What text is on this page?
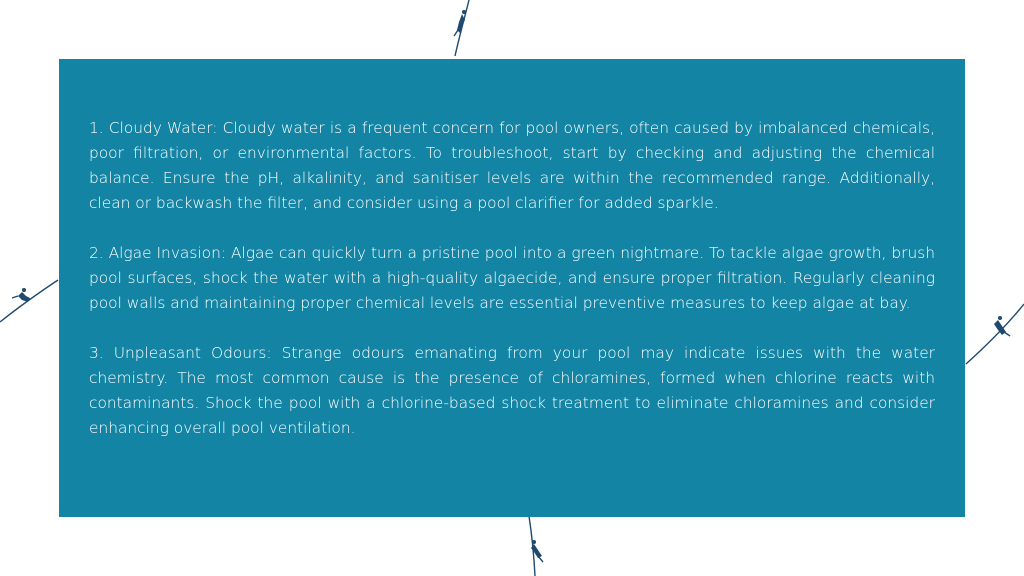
1. Cloudy Water: Cloudy water is a frequent concern for pool owners, often caused by imbalanced chemicals, poor filtration, or environmental factors. To troubleshoot, start by checking and adjusting the chemical balance. Ensure the pH, alkalinity, and sanitiser levels are within the recommended range. Additionally, clean or backwash the filter, and consider using a pool clarifier for added sparkle.

2. Algae Invasion: Algae can quickly turn a pristine pool into a green nightmare. To tackle algae growth, brush pool surfaces, shock the water with a high-quality algaecide, and ensure proper filtration. Regularly cleaning pool walls and maintaining proper chemical levels are essential preventive measures to keep algae at bay.

3. Unpleasant Odours: Strange odours emanating from your pool may indicate issues with the water chemistry. The most common cause is the presence of chloramines, formed when chlorine reacts with contaminants. Shock the pool with a chlorine-based shock treatment to eliminate chloramines and consider enhancing overall pool ventilation.
